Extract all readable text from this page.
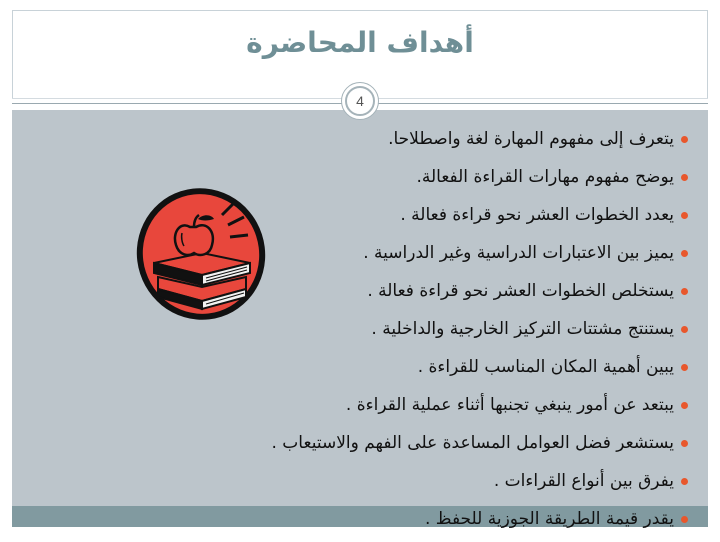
أهداف المحاضرة
4
يتعرف إلى مفهوم المهارة لغة واصطلاحا.
يوضح مفهوم مهارات القراءة الفعالة.
يعدد الخطوات العشر نحو قراءة فعالة .
يميز بين الاعتبارات الدراسية وغير الدراسية .
يستخلص الخطوات العشر نحو قراءة فعالة .
يستنتج مشتتات التركيز الخارجية والداخلية .
يبين أهمية المكان المناسب للقراءة .
يبتعد عن أمور ينبغي تجنبها أثناء عملية القراءة .
يستشعر فضل العوامل المساعدة على الفهم والاستيعاب .
يفرق بين أنواع القراءات .
يقدر قيمة الطريقة الجوزية للحفظ .
